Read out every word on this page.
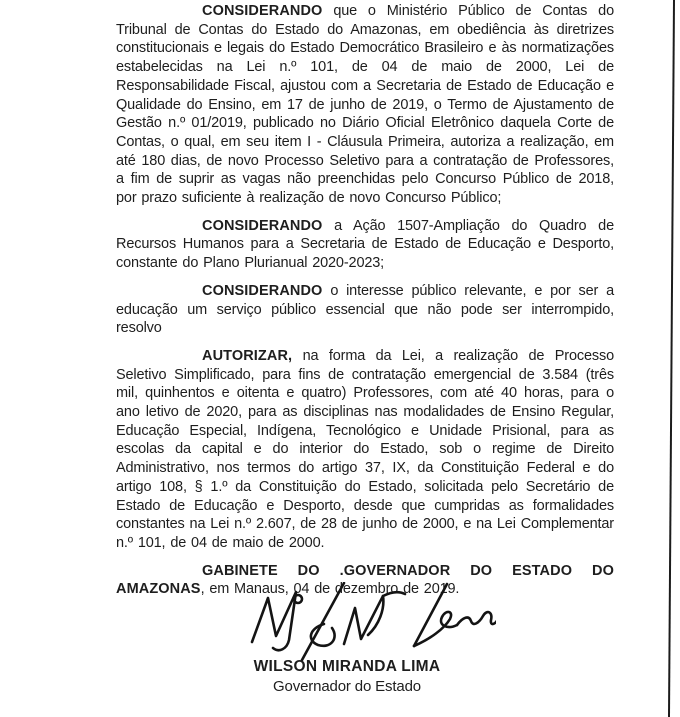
CONSIDERANDO que o Ministério Público de Contas do Tribunal de Contas do Estado do Amazonas, em obediência às diretrizes constitucionais e legais do Estado Democrático Brasileiro e às normatizações estabelecidas na Lei n.º 101, de 04 de maio de 2000, Lei de Responsabilidade Fiscal, ajustou com a Secretaria de Estado de Educação e Qualidade do Ensino, em 17 de junho de 2019, o Termo de Ajustamento de Gestão n.º 01/2019, publicado no Diário Oficial Eletrônico daquela Corte de Contas, o qual, em seu item I - Cláusula Primeira, autoriza a realização, em até 180 dias, de novo Processo Seletivo para a contratação de Professores, a fim de suprir as vagas não preenchidas pelo Concurso Público de 2018, por prazo suficiente à realização de novo Concurso Público;

CONSIDERANDO a Ação 1507-Ampliação do Quadro de Recursos Humanos para a Secretaria de Estado de Educação e Desporto, constante do Plano Plurianual 2020-2023;

CONSIDERANDO o interesse público relevante, e por ser a educação um serviço público essencial que não pode ser interrompido, resolvo

AUTORIZAR, na forma da Lei, a realização de Processo Seletivo Simplificado, para fins de contratação emergencial de 3.584 (três mil, quinhentos e oitenta e quatro) Professores, com até 40 horas, para o ano letivo de 2020, para as disciplinas nas modalidades de Ensino Regular, Educação Especial, Indígena, Tecnológico e Unidade Prisional, para as escolas da capital e do interior do Estado, sob o regime de Direito Administrativo, nos termos do artigo 37, IX, da Constituição Federal e do artigo 108, § 1.º da Constituição do Estado, solicitada pelo Secretário de Estado de Educação e Desporto, desde que cumpridas as formalidades constantes na Lei n.º 2.607, de 28 de junho de 2000, e na Lei Complementar n.º 101, de 04 de maio de 2000.

GABINETE DO .GOVERNADOR DO ESTADO DO AMAZONAS, em Manaus, 04 de dezembro de 2019.

WILSON MIRANDA LIMA
Governador do Estado
